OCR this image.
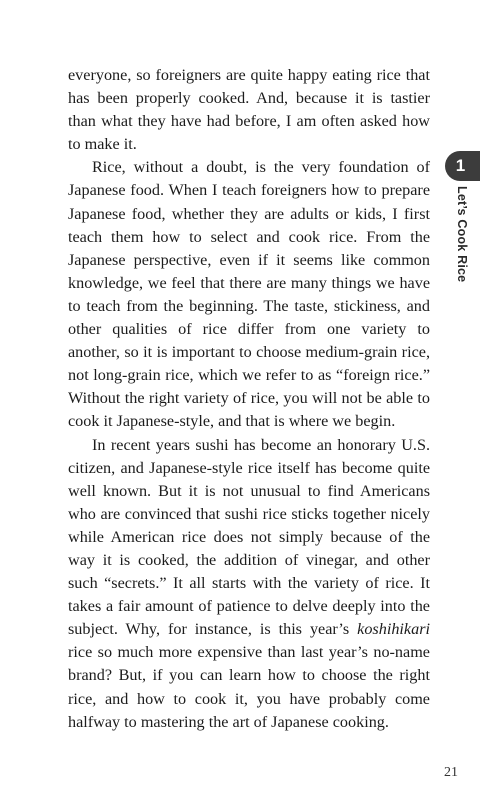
everyone, so foreigners are quite happy eating rice that has been properly cooked. And, because it is tastier than what they have had before, I am often asked how to make it.

Rice, without a doubt, is the very foundation of Japanese food. When I teach foreigners how to prepare Japanese food, whether they are adults or kids, I first teach them how to select and cook rice. From the Japanese perspective, even if it seems like common knowledge, we feel that there are many things we have to teach from the beginning. The taste, stickiness, and other qualities of rice differ from one variety to another, so it is important to choose medium-grain rice, not long-grain rice, which we refer to as “foreign rice.” Without the right variety of rice, you will not be able to cook it Japanese-style, and that is where we begin.

In recent years sushi has become an honorary U.S. citizen, and Japanese-style rice itself has become quite well known. But it is not unusual to find Americans who are convinced that sushi rice sticks together nicely while American rice does not simply because of the way it is cooked, the addition of vinegar, and other such “secrets.” It all starts with the variety of rice. It takes a fair amount of patience to delve deeply into the subject. Why, for instance, is this year’s koshihikari rice so much more expensive than last year’s no-name brand? But, if you can learn how to choose the right rice, and how to cook it, you have probably come halfway to mastering the art of Japanese cooking.

1
Let’s Cook Rice
21
